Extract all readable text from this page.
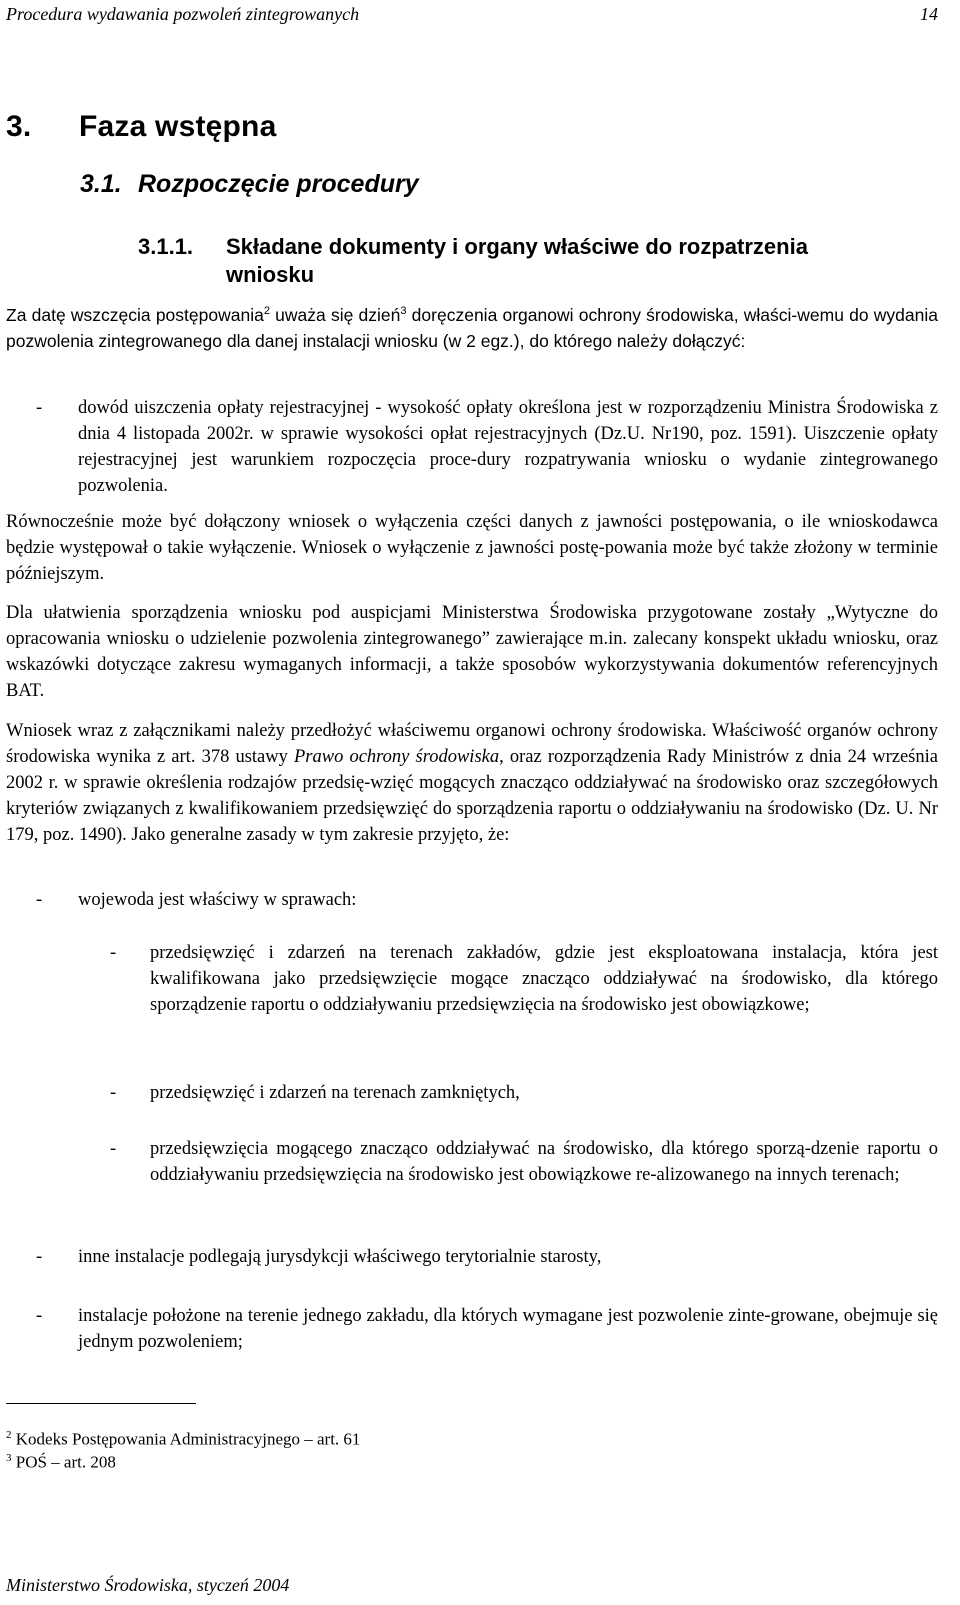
Procedura wydawania pozwoleń zintegrowanych	14
3. Faza wstępna
3.1. Rozpoczęcie procedury
3.1.1. Składane dokumenty i organy właściwe do rozpatrzenia
wniosku
Za datę wszczęcia postępowania$^2$ uważa się dzień$^3$ doręczenia organowi ochrony środowiska, właści-wemu do wydania pozwolenia zintegrowanego dla danej instalacji wniosku (w 2 egz.), do którego należy dołączyć:
- dowód uiszczenia opłaty rejestracyjnej - wysokość opłaty określona jest w rozporządzeniu Ministra Środowiska z dnia 4 listopada 2002r. w sprawie wysokości opłat rejestracyjnych (Dz.U. Nr190, poz. 1591). Uiszczenie opłaty rejestracyjnej jest warunkiem rozpoczęcia proce-dury rozpatrywania wniosku o wydanie zintegrowanego pozwolenia.
Równocześnie może być dołączony wniosek o wyłączenia części danych z jawności postępowania, o ile wnioskodawca będzie występował o takie wyłączenie. Wniosek o wyłączenie z jawności postę-powania może być także złożony w terminie późniejszym.
Dla ułatwienia sporządzenia wniosku pod auspicjami Ministerstwa Środowiska przygotowane zostały „Wytyczne do opracowania wniosku o udzielenie pozwolenia zintegrowanego” zawierające m.in. zalecany konspekt układu wniosku, oraz wskazówki dotyczące zakresu wymaganych informacji, a także sposobów wykorzystywania dokumentów referencyjnych BAT.
Wniosek wraz z załącznikami należy przedłożyć właściwemu organowi ochrony środowiska. Właściwość organów ochrony środowiska wynika z art. 378 ustawy Prawo ochrony środowiska, oraz rozporządzenia Rady Ministrów z dnia 24 września 2002 r. w sprawie określenia rodzajów przedsię-wzięć mogących znacząco oddziaływać na środowisko oraz szczegółowych kryteriów związanych z kwalifikowaniem przedsięwzięć do sporządzenia raportu o oddziaływaniu na środowisko (Dz. U. Nr 179, poz. 1490). Jako generalne zasady w tym zakresie przyjęto, że:
- wojewoda jest właściwy w sprawach:
- przedsięwzięć i zdarzeń na terenach zakładów, gdzie jest eksploatowana instalacja, która jest kwalifikowana jako przedsięwzięcie mogące znacząco oddziaływać na środowisko, dla którego sporządzenie raportu o oddziaływaniu przedsięwzięcia na środowisko jest obowiązkowe;
- przedsięwzięć i zdarzeń na terenach zamkniętych,
- przedsięwzięcia mogącego znacząco oddziaływać na środowisko, dla którego sporzą-dzenie raportu o oddziaływaniu przedsięwzięcia na środowisko jest obowiązkowe re-alizowanego na innych terenach;
- inne instalacje podlegają jurysdykcji właściwego terytorialnie starosty,
- instalacje położone na terenie jednego zakładu, dla których wymagane jest pozwolenie zinte-growane, obejmuje się jednym pozwoleniem;
$^2$ Kodeks Postępowania Administracyjnego – art. 61
$^3$ POŚ – art. 208
Ministerstwo Środowiska, styczeń 2004
